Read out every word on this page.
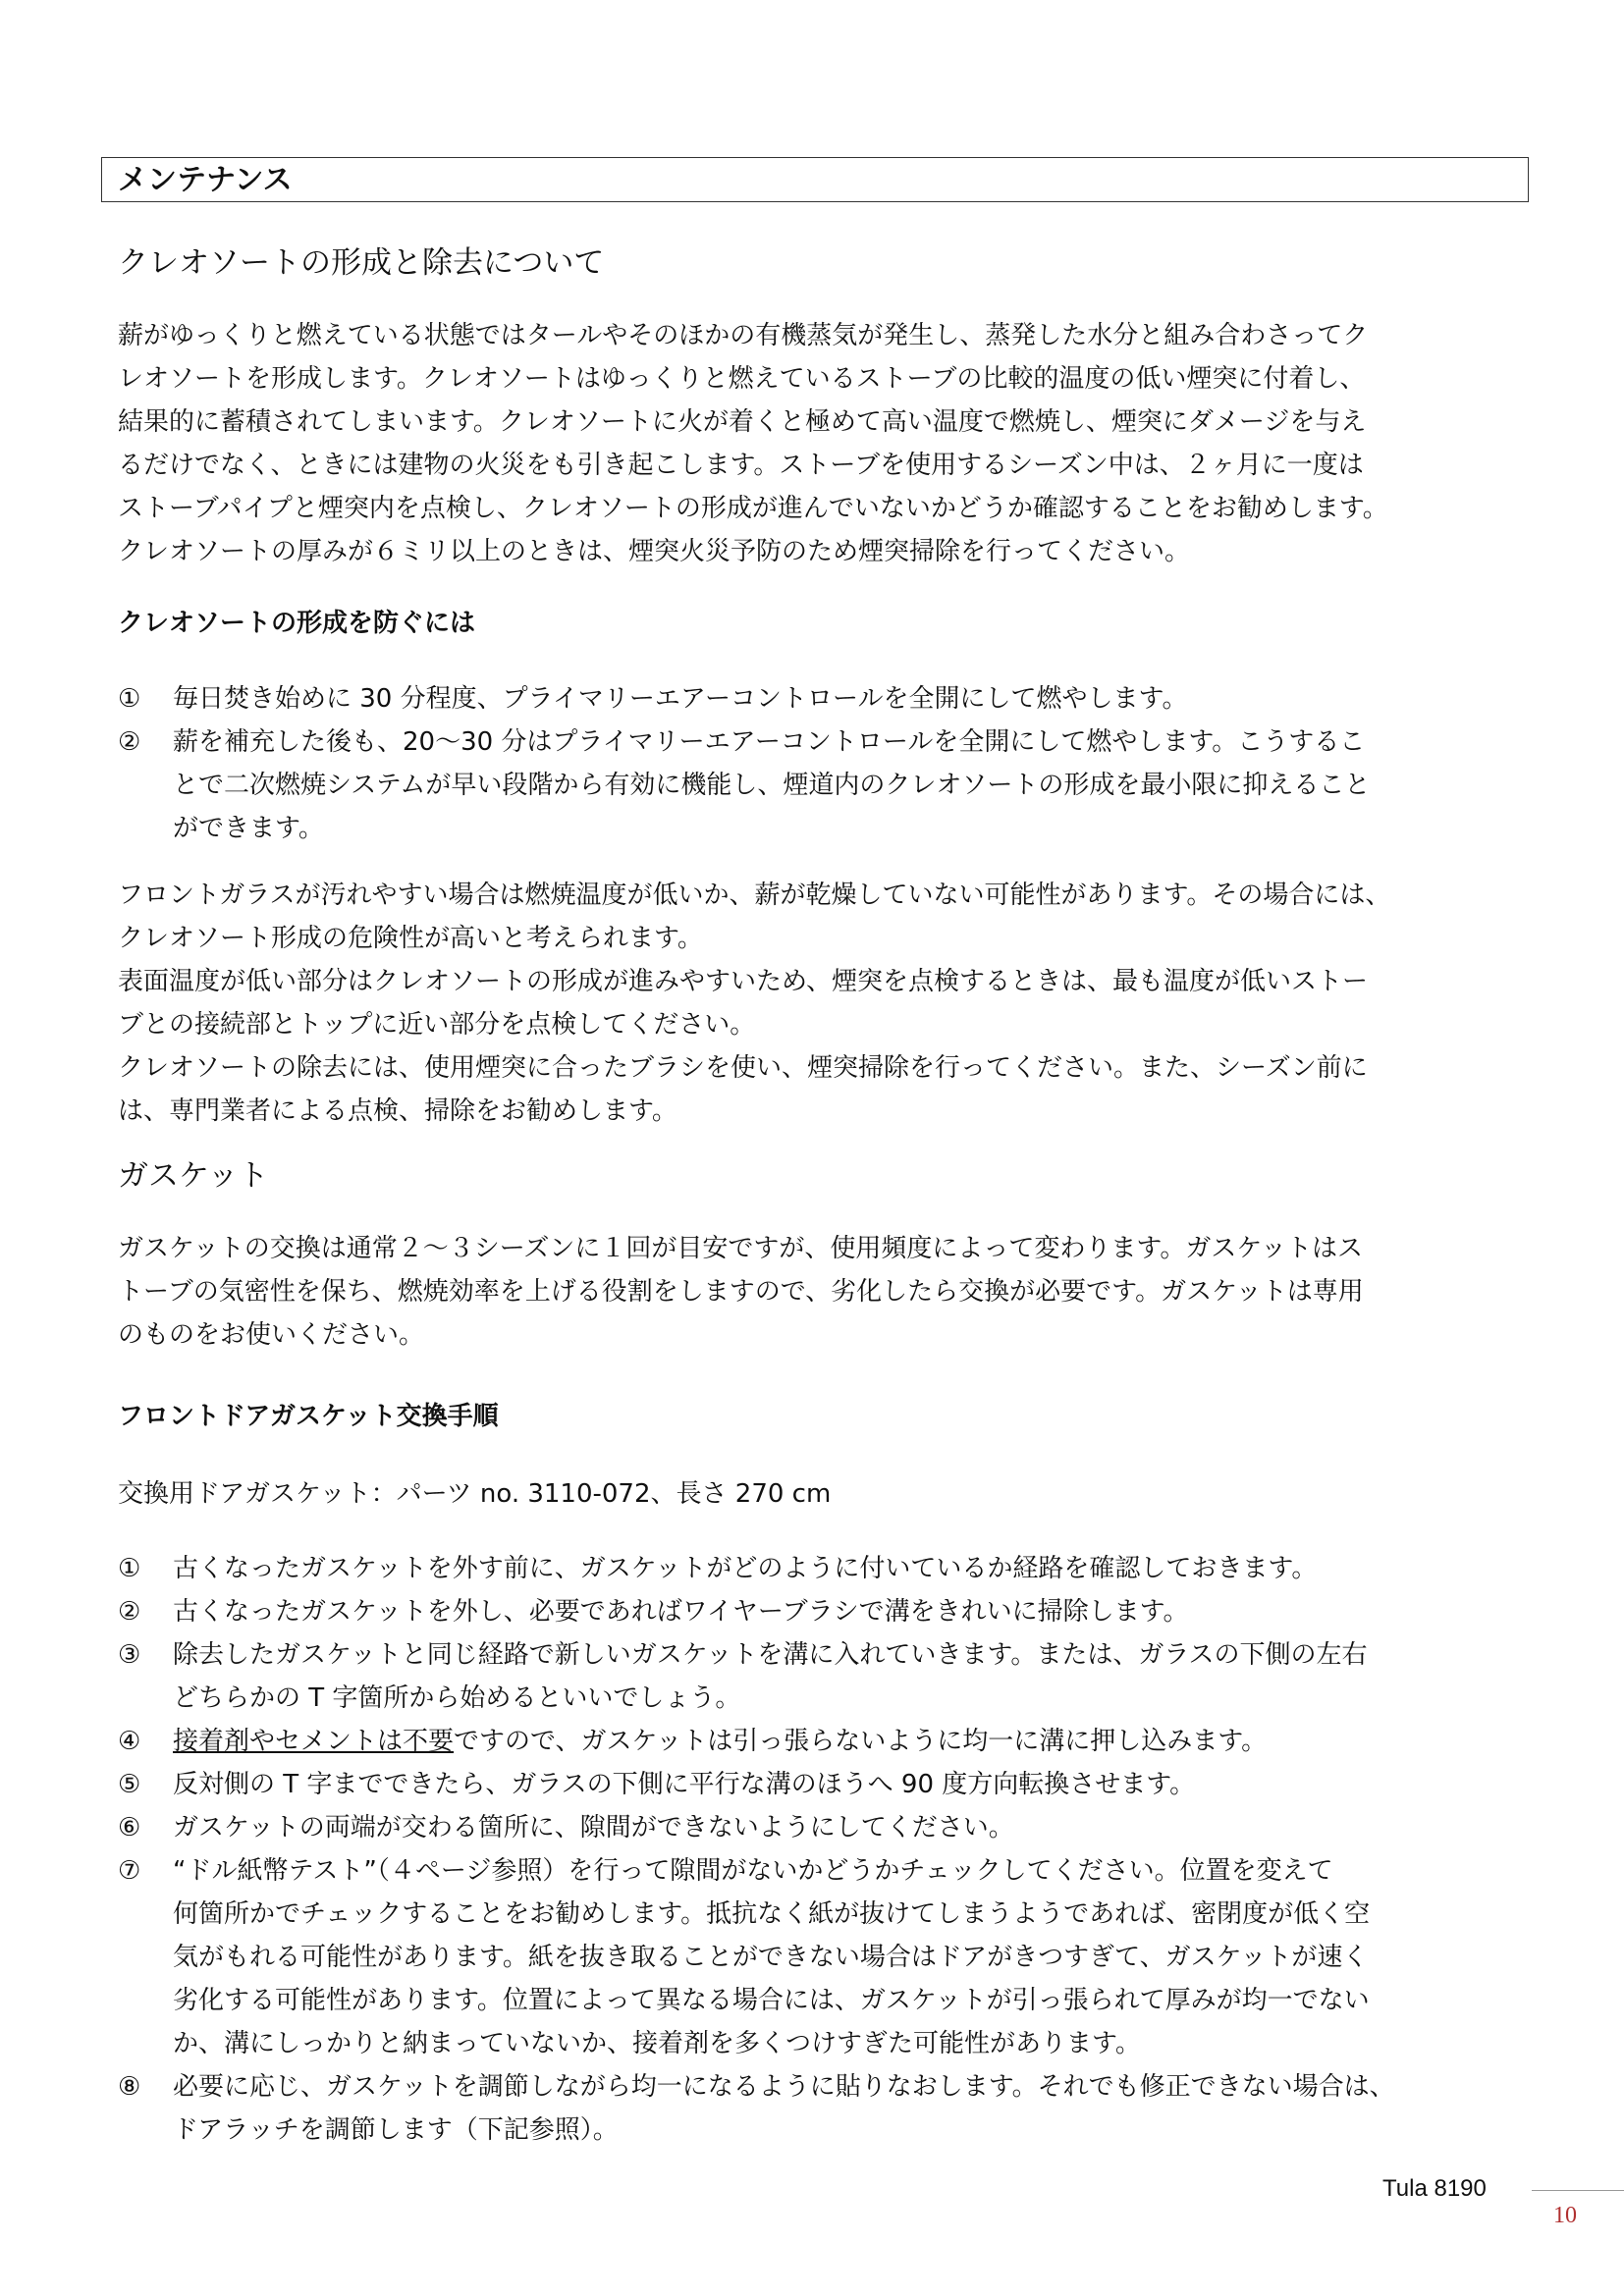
メンテナンス
クレオソートの形成と除去について
薪がゆっくりと燃えている状態ではタールやそのほかの有機蒸気が発生し、蒸発した水分と組み合わさってク
レオソートを形成します。クレオソートはゆっくりと燃えているストーブの比較的温度の低い煙突に付着し、
結果的に蓄積されてしまいます。クレオソートに火が着くと極めて高い温度で燃焼し、煙突にダメージを与え
るだけでなく、ときには建物の火災をも引き起こします。ストーブを使用するシーズン中は、２ヶ月に一度は
ストーブパイプと煙突内を点検し、クレオソートの形成が進んでいないかどうか確認することをお勧めします。
クレオソートの厚みが６ミリ以上のときは、煙突火災予防のため煙突掃除を行ってください。
クレオソートの形成を防ぐには
①	毎日焚き始めに 30 分程度、プライマリーエアーコントロールを全開にして燃やします。
②	薪を補充した後も、20〜30 分はプライマリーエアーコントロールを全開にして燃やします。こうするこ
とで二次燃焼システムが早い段階から有効に機能し、煙道内のクレオソートの形成を最小限に抑えること
ができます。
フロントガラスが汚れやすい場合は燃焼温度が低いか、薪が乾燥していない可能性があります。その場合には、
クレオソート形成の危険性が高いと考えられます。
表面温度が低い部分はクレオソートの形成が進みやすいため、煙突を点検するときは、最も温度が低いストー
ブとの接続部とトップに近い部分を点検してください。
クレオソートの除去には、使用煙突に合ったブラシを使い、煙突掃除を行ってください。また、シーズン前に
は、専門業者による点検、掃除をお勧めします。
ガスケット
ガスケットの交換は通常２〜３シーズンに１回が目安ですが、使用頻度によって変わります。ガスケットはス
トーブの気密性を保ち、燃焼効率を上げる役割をしますので、劣化したら交換が必要です。ガスケットは専用
のものをお使いください。
フロントドアガスケット交換手順
交換用ドアガスケット：パーツ no. 3110-072、長さ 270 cm
①	古くなったガスケットを外す前に、ガスケットがどのように付いているか経路を確認しておきます。
②	古くなったガスケットを外し、必要であればワイヤーブラシで溝をきれいに掃除します。
③	除去したガスケットと同じ経路で新しいガスケットを溝に入れていきます。または、ガラスの下側の左右
どちらかの T 字箇所から始めるといいでしょう。
④	接着剤やセメントは不要ですので、ガスケットは引っ張らないように均一に溝に押し込みます。
⑤	反対側の T 字までできたら、ガラスの下側に平行な溝のほうへ 90 度方向転換させます。
⑥	ガスケットの両端が交わる箇所に、隙間ができないようにしてください。
⑦	“ドル紙幣テスト”（４ページ参照）を行って隙間がないかどうかチェックしてください。位置を変えて
何箇所かでチェックすることをお勧めします。抵抗なく紙が抜けてしまうようであれば、密閉度が低く空
気がもれる可能性があります。紙を抜き取ることができない場合はドアがきつすぎて、ガスケットが速く
劣化する可能性があります。位置によって異なる場合には、ガスケットが引っ張られて厚みが均一でない
か、溝にしっかりと納まっていないか、接着剤を多くつけすぎた可能性があります。
⑧	必要に応じ、ガスケットを調節しながら均一になるように貼りなおします。それでも修正できない場合は、
ドアラッチを調節します（下記参照）。
Tula 8190
10
